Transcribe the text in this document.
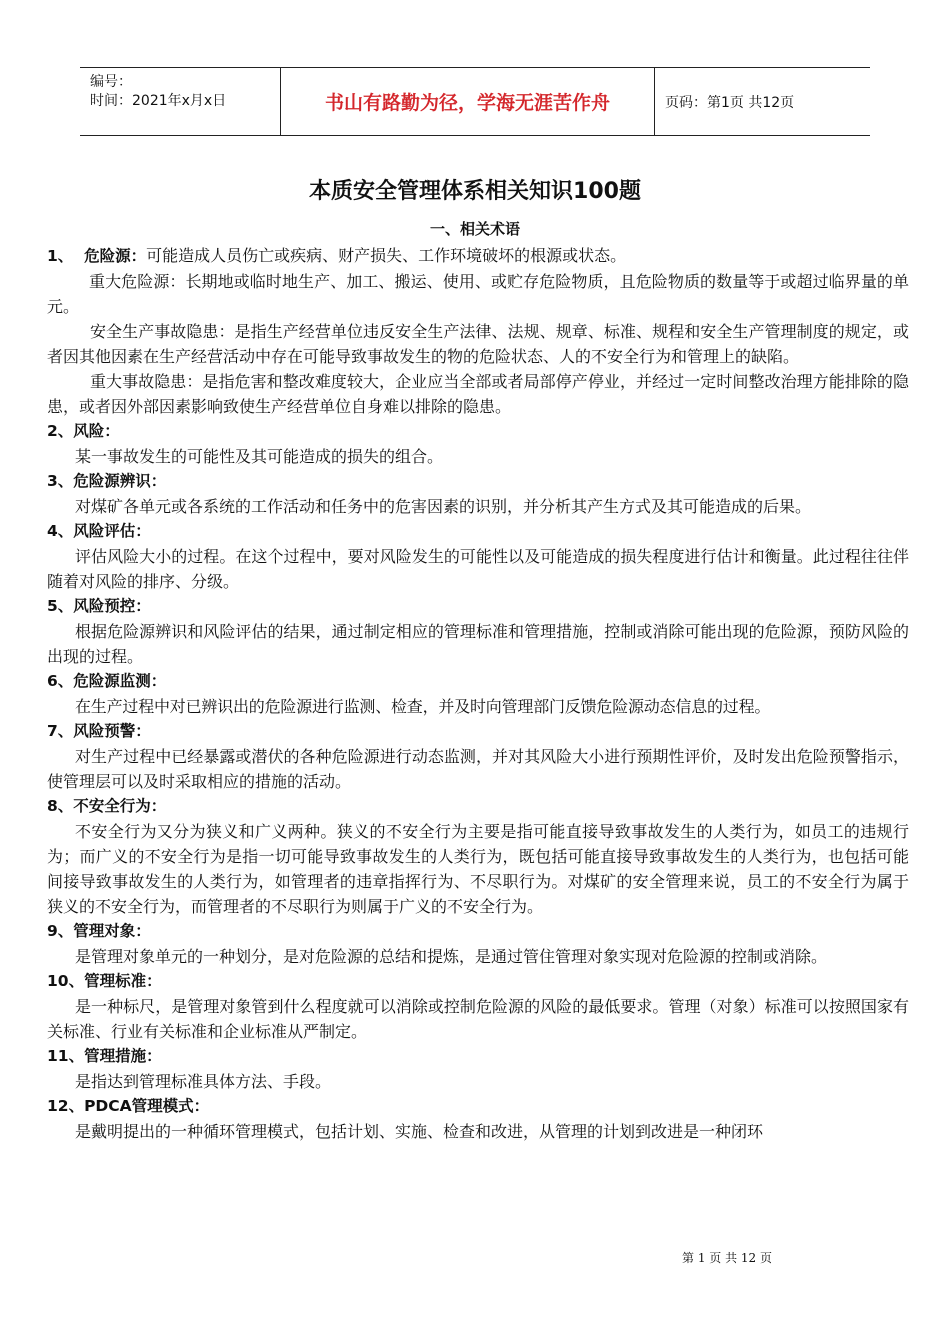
编号：
时间：2021年x月x日	书山有路勤为径，学海无涯苦作舟	页码：第1页 共12页
本质安全管理体系相关知识100题
一、相关术语

1、  危险源：可能造成人员伤亡或疾病、财产损失、工作环境破坏的根源或状态。

重大危险源：长期地或临时地生产、加工、搬运、使用、或贮存危险物质，且危险物质的数量等于或超过临界量的单元。

安全生产事故隐患：是指生产经营单位违反安全生产法律、法规、规章、标准、规程和安全生产管理制度的规定，或者因其他因素在生产经营活动中存在可能导致事故发生的物的危险状态、人的不安全行为和管理上的缺陷。

重大事故隐患：是指危害和整改难度较大，企业应当全部或者局部停产停业，并经过一定时间整改治理方能排除的隐患，或者因外部因素影响致使生产经营单位自身难以排除的隐患。

2、风险：

某一事故发生的可能性及其可能造成的损失的组合。

3、危险源辨识：

对煤矿各单元或各系统的工作活动和任务中的危害因素的识别，并分析其产生方式及其可能造成的后果。

4、风险评估：

评估风险大小的过程。在这个过程中，要对风险发生的可能性以及可能造成的损失程度进行估计和衡量。此过程往往伴随着对风险的排序、分级。

5、风险预控：

根据危险源辨识和风险评估的结果，通过制定相应的管理标准和管理措施，控制或消除可能出现的危险源，预防风险的出现的过程。

6、危险源监测：

在生产过程中对已辨识出的危险源进行监测、检查，并及时向管理部门反馈危险源动态信息的过程。

7、风险预警：

对生产过程中已经暴露或潜伏的各种危险源进行动态监测，并对其风险大小进行预期性评价，及时发出危险预警指示，使管理层可以及时采取相应的措施的活动。

8、不安全行为：

不安全行为又分为狭义和广义两种。狭义的不安全行为主要是指可能直接导致事故发生的人类行为，如员工的违规行为；而广义的不安全行为是指一切可能导致事故发生的人类行为，既包括可能直接导致事故发生的人类行为，也包括可能间接导致事故发生的人类行为，如管理者的违章指挥行为、不尽职行为。对煤矿的安全管理来说，员工的不安全行为属于狭义的不安全行为，而管理者的不尽职行为则属于广义的不安全行为。

9、管理对象：

是管理对象单元的一种划分，是对危险源的总结和提炼，是通过管住管理对象实现对危险源的控制或消除。

10、管理标准：

是一种标尺，是管理对象管到什么程度就可以消除或控制危险源的风险的最低要求。管理（对象）标准可以按照国家有关标准、行业有关标准和企业标准从严制定。

11、管理措施：

是指达到管理标准具体方法、手段。

12、PDCA管理模式：

是戴明提出的一种循环管理模式，包括计划、实施、检查和改进，从管理的计划到改进是一种闭环

第 1 页 共 12 页
